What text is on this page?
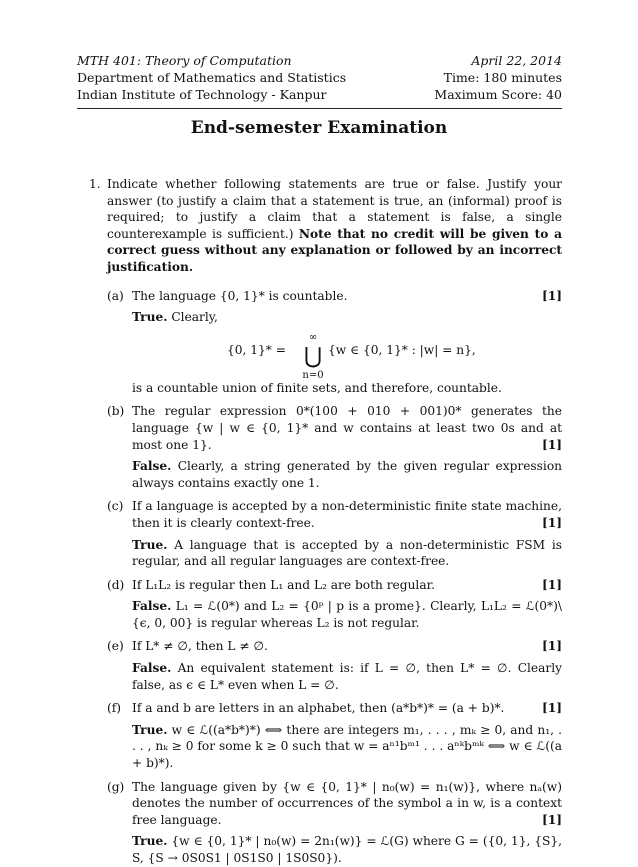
MTH 401: Theory of Computation
Department of Mathematics and Statistics
Indian Institute of Technology - Kanpur
April 22, 2014
Time: 180 minutes
Maximum Score: 40
End-semester Examination
1. Indicate whether following statements are true or false. Justify your answer (to justify a claim that a statement is true, an (informal) proof is required; to justify a claim that a statement is false, a single counterexample is sufficient.) Note that no credit will be given to a correct guess without any explanation or followed by an incorrect justification.
(a)	[1]
The language {0, 1}* is countable.
True. Clearly,
{0, 1}* =
∞
⋃
n=0
{w ∈ {0, 1}* : |w| = n},
is a countable union of finite sets, and therefore, countable.
(b) The regular expression 0*(100 + 010 + 001)0* generates the language {w | w ∈ {0, 1}* and w contains at least two 0s and at most one 1}.	[1]
False. Clearly, a string generated by the given regular expression always contains exactly one 1.
(c) If a language is accepted by a non-deterministic finite state machine, then it is clearly context-free.	[1]
True. A language that is accepted by a non-deterministic FSM is regular, and all regular languages are context-free.
(d)	[1]
If L₁L₂ is regular then L₁ and L₂ are both regular.
False. L₁ = ℒ(0*) and L₂ = {0ᵖ | p is a prome}. Clearly, L₁L₂ = ℒ(0*)\{ϵ, 0, 00} is regular whereas L₂ is not regular.
(e)	[1]
If L* ≠ ∅, then L ≠ ∅.
False. An equivalent statement is: if L = ∅, then L* = ∅. Clearly false, as ϵ ∈ L* even when L = ∅.
(f)	[1]
If a and b are letters in an alphabet, then (a*b*)* = (a + b)*.
True. w ∈ ℒ((a*b*)*) ⟺ there are integers m₁, . . . , mₖ ≥ 0, and n₁, . . . , nₖ ≥ 0 for some k ≥ 0 such that w = aⁿ¹bᵐ¹ . . . aⁿᵏbᵐᵏ ⟺ w ∈ ℒ((a + b)*).
(g) The language given by {w ∈ {0, 1}* | n₀(w) = n₁(w)}, where nₐ(w) denotes the number of occurrences of the symbol a in w, is a context free language.	[1]
True. {w ∈ {0, 1}* | n₀(w) = 2n₁(w)} = ℒ(G) where G = ({0, 1}, {S}, S, {S → 0S0S1 | 0S1S0 | 1S0S0}).
